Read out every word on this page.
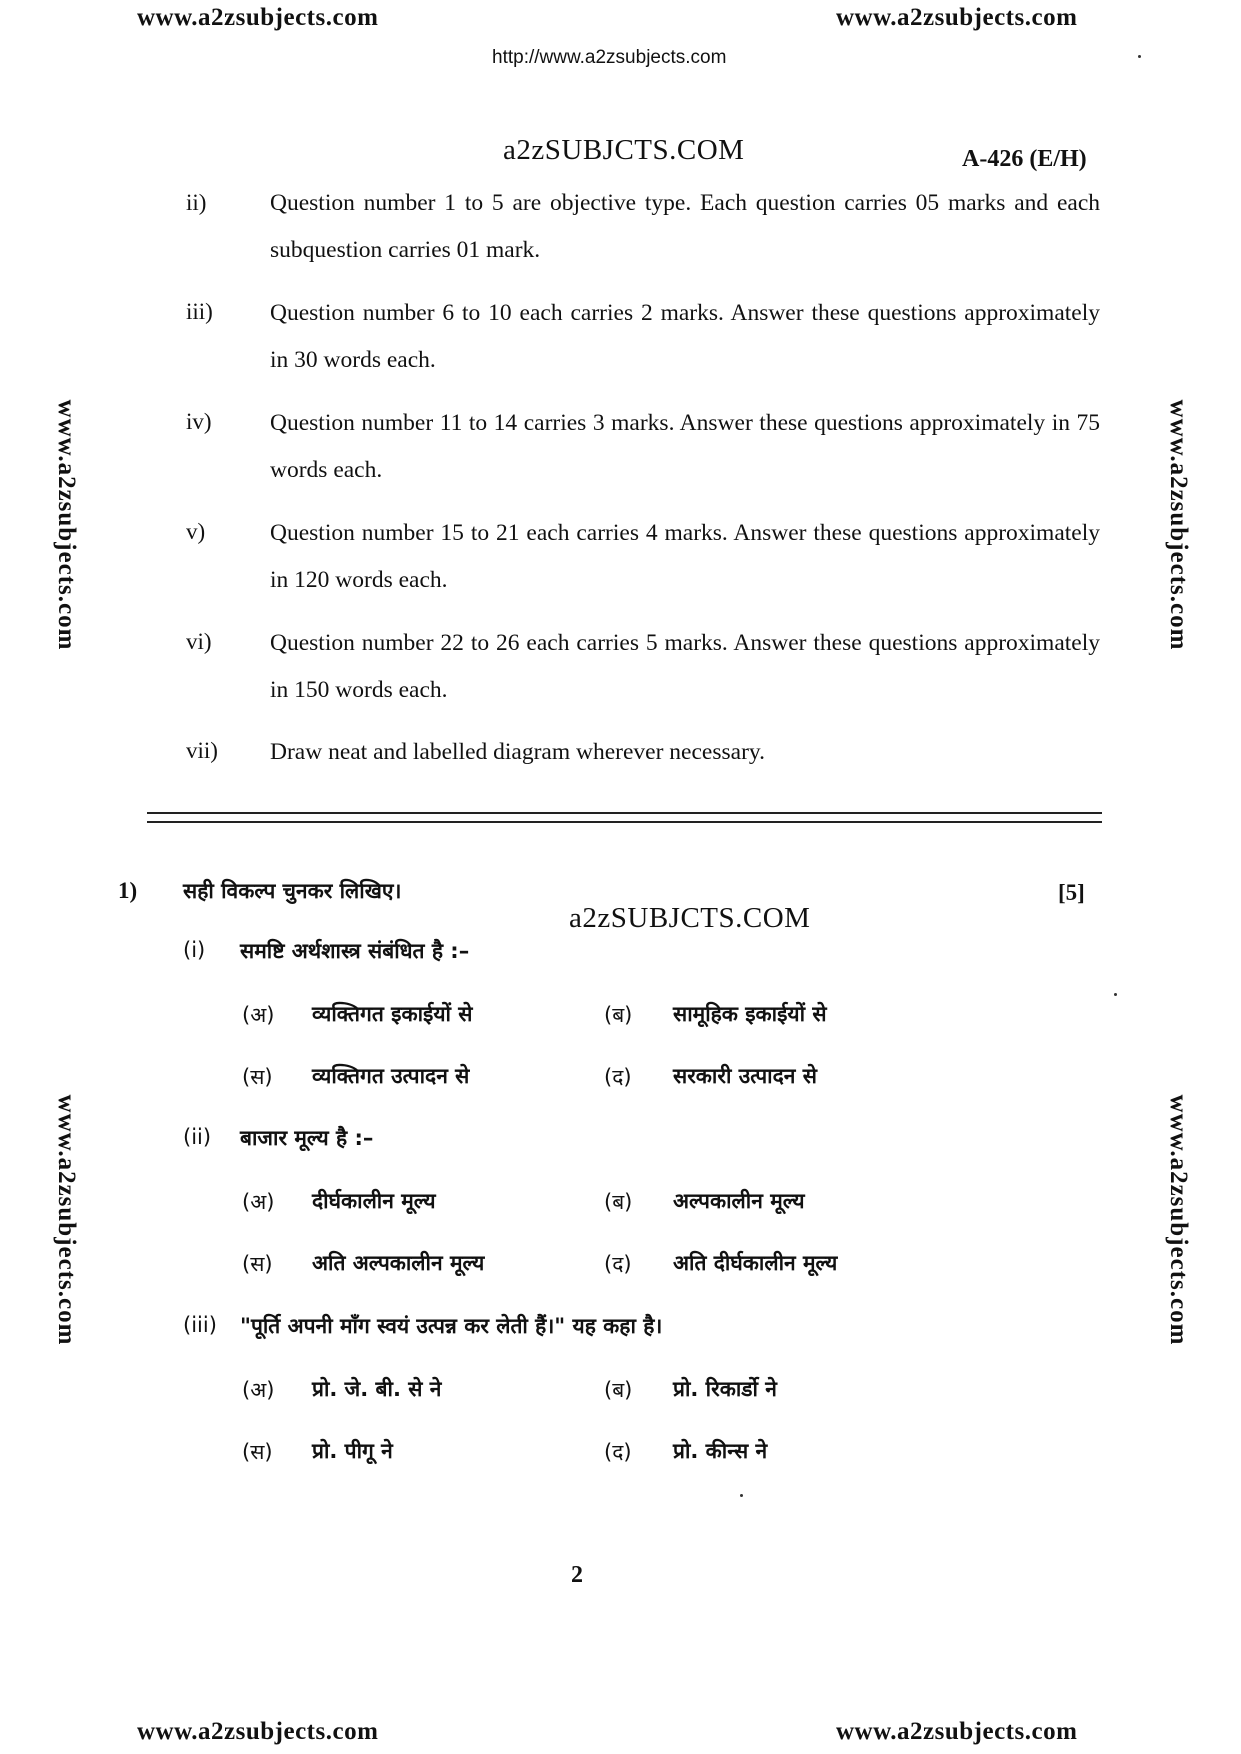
www.a2zsubjects.com	www.a2zsubjects.com
http://www.a2zsubjects.com
www.a2zsubjects.com	www.a2zsubjects.com
www.a2zsubjects.com	www.a2zsubjects.com
a2zSUBJCTS.COM	A-426 (E/H)
ii)	Question number 1 to 5 are objective type. Each question carries 05 marks and each subquestion carries 01 mark.
iii) Question number 6 to 10 each carries 2 marks. Answer these questions approximately in 30 words each.
iv) Question number 11 to 14 carries 3 marks. Answer these questions approximately in 75 words each.
v)	Question number 15 to 21 each carries 4 marks. Answer these questions approximately in 120 words each.
vi) Question number 22 to 26 each carries 5 marks. Answer these questions approximately in 150 words each.
vii) Draw neat and labelled diagram wherever necessary.
1) सही विकल्प चुनकर लिखिए।	[5]
a2zSUBJCTS.COM
(i) समष्टि अर्थशास्त्र संबंधित है :–
(अ) व्यक्तिगत इकाईयों से	(ब) सामूहिक इकाईयों से
(स) व्यक्तिगत उत्पादन से	(द) सरकारी उत्पादन से
(ii) बाजार मूल्य है :–
(अ) दीर्घकालीन मूल्य	(ब) अल्पकालीन मूल्य
(स) अति अल्पकालीन मूल्य	(द) अति दीर्घकालीन मूल्य
(iii) "पूर्ति अपनी माँग स्वयं उत्पन्न कर लेती हैं।" यह कहा है।
(अ) प्रो. जे. बी. से ने	(ब) प्रो. रिकार्डो ने
(स) प्रो. पीगू ने	(द) प्रो. कीन्स ने
2
www.a2zsubjects.com	www.a2zsubjects.com
